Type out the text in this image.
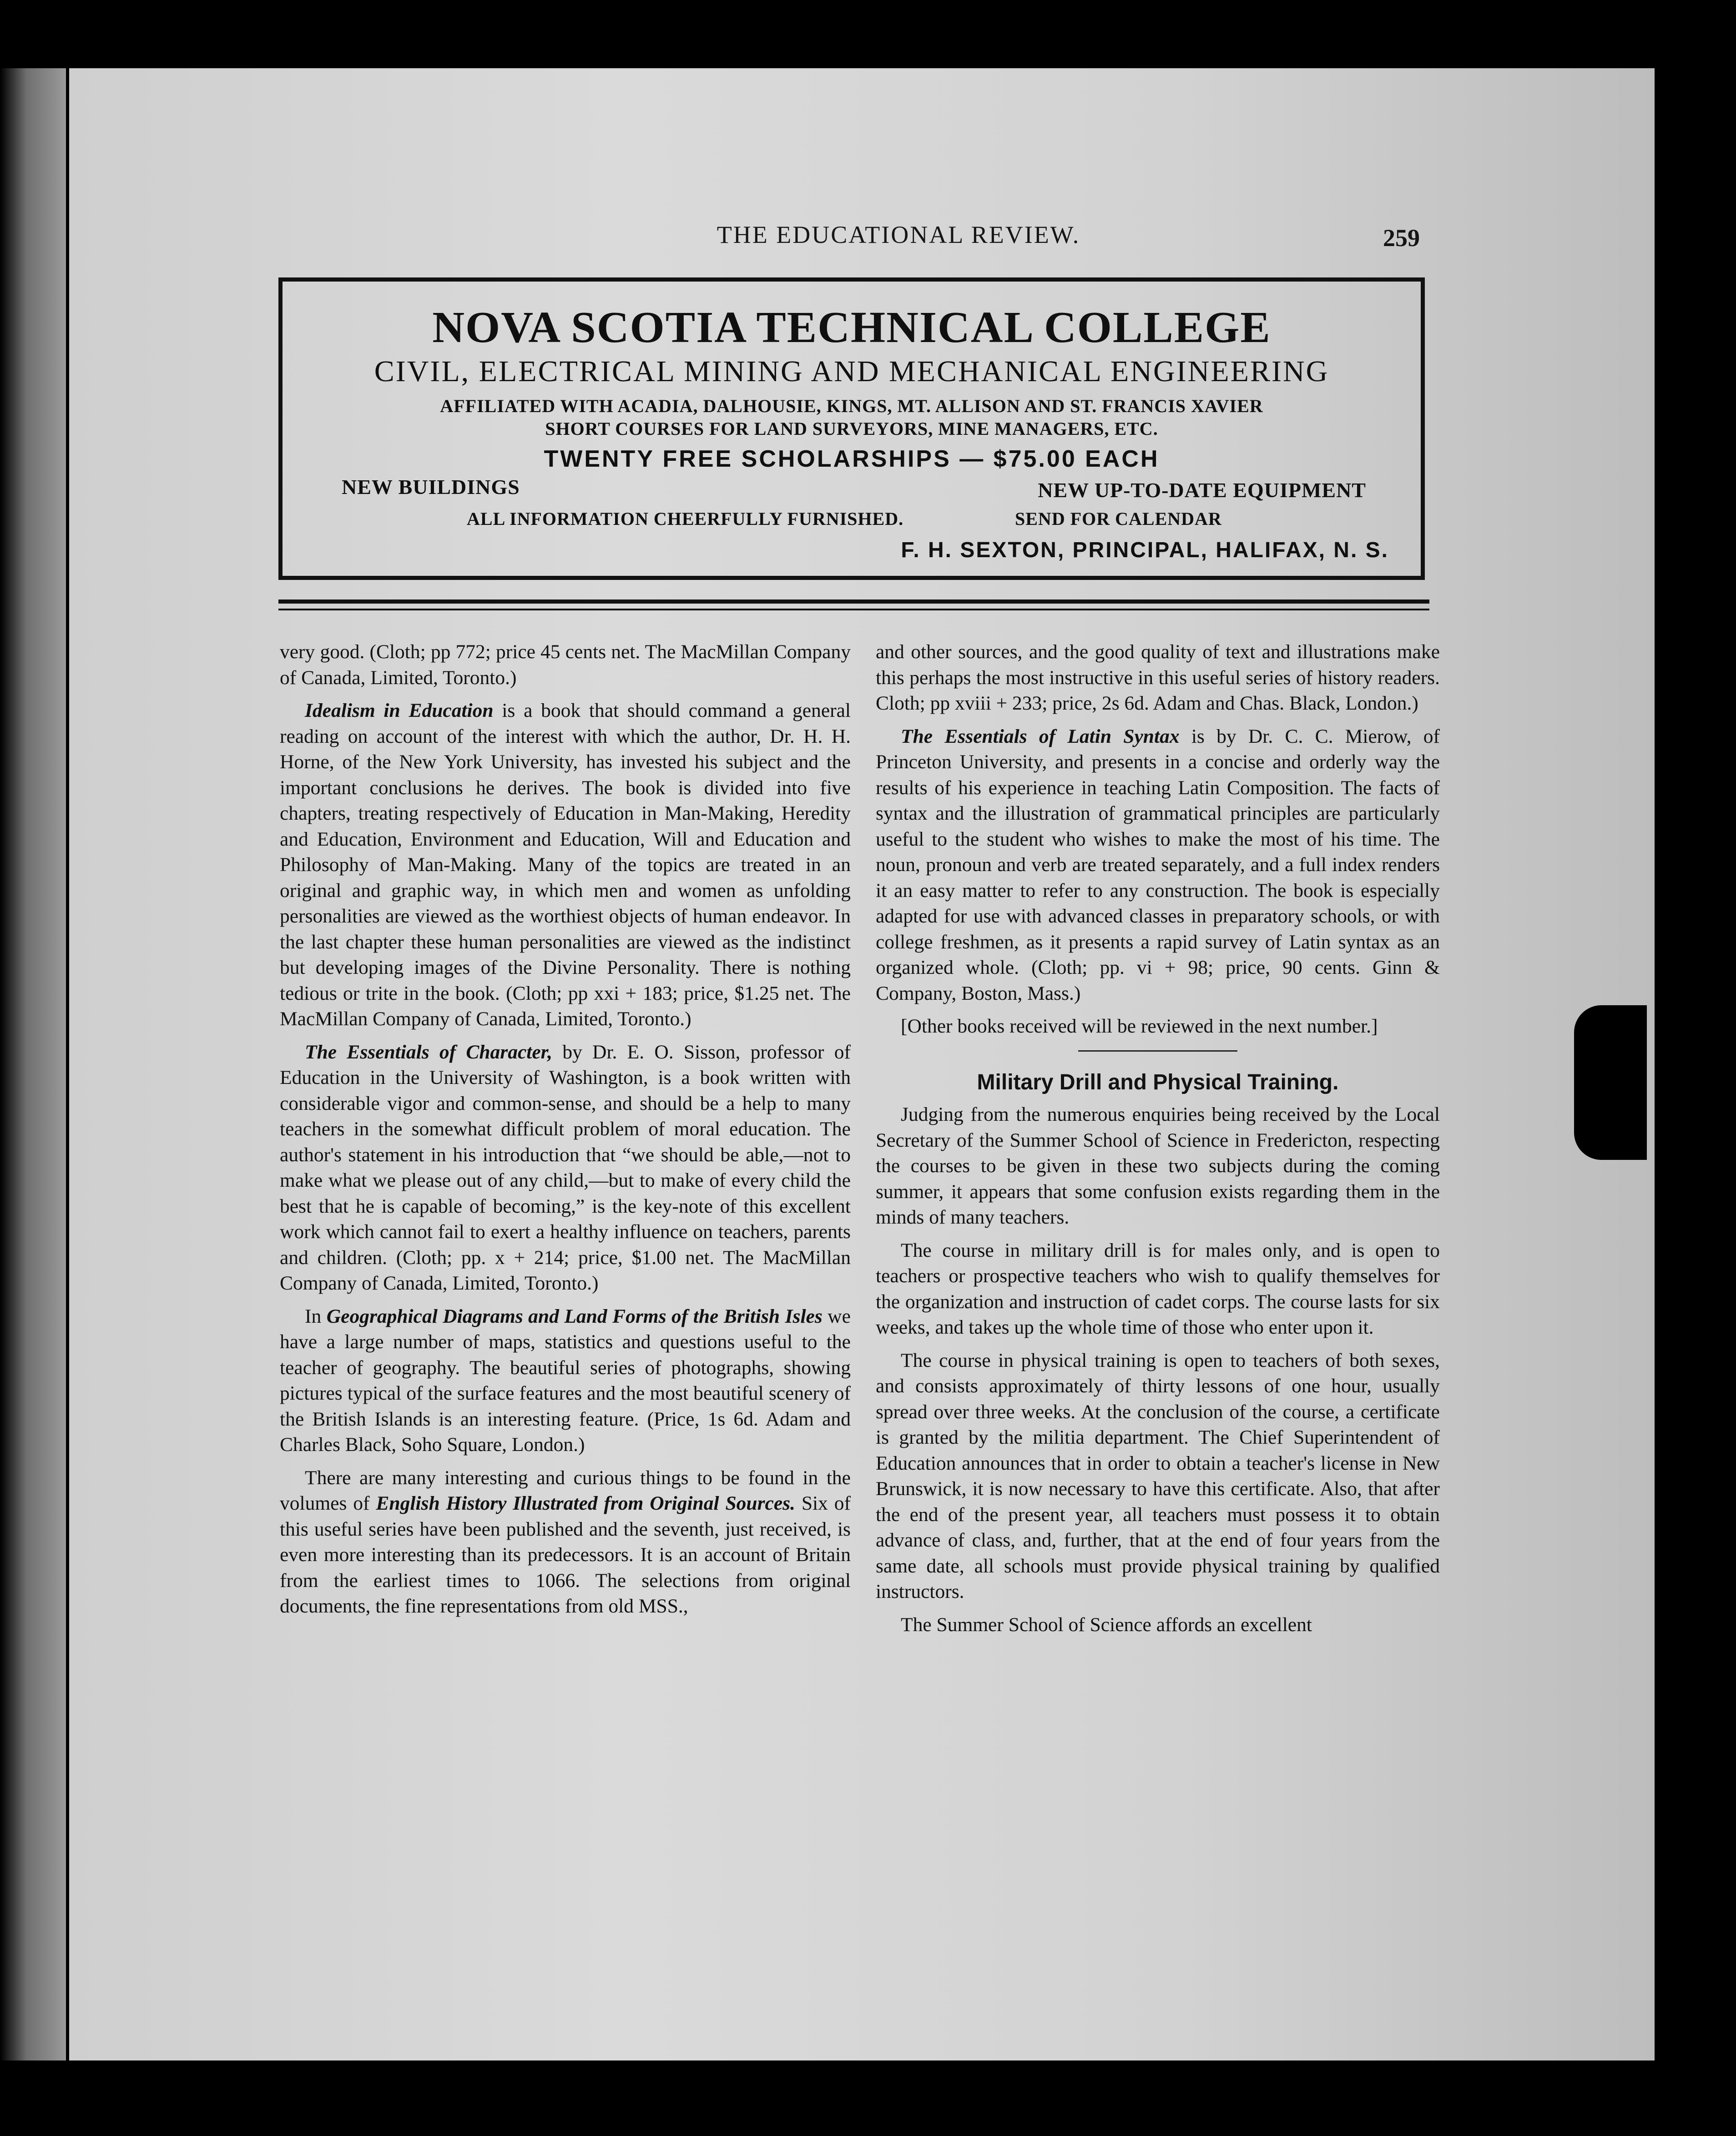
THE EDUCATIONAL REVIEW.	259
NOVA SCOTIA TECHNICAL COLLEGE
CIVIL, ELECTRICAL MINING AND MECHANICAL ENGINEERING
AFFILIATED WITH ACADIA, DALHOUSIE, KINGS, MT. ALLISON AND ST. FRANCIS XAVIER
SHORT COURSES FOR LAND SURVEYORS, MINE MANAGERS, ETC.
TWENTY FREE SCHOLARSHIPS — $75.00 EACH
NEW BUILDINGS	NEW UP-TO-DATE EQUIPMENT
ALL INFORMATION CHEERFULLY FURNISHED.	SEND FOR CALENDAR
F. H. SEXTON, PRINCIPAL, HALIFAX, N. S.

very good. (Cloth; pp 772; price 45 cents net. The MacMillan Company of Canada, Limited, Toronto.)

Idealism in Education is a book that should command a general reading on account of the interest with which the author, Dr. H. H. Horne, of the New York University, has invested his subject and the important conclusions he derives. The book is divided into five chapters, treating respectively of Education in Man-Making, Heredity and Education, Environment and Education, Will and Education and Philosophy of Man-Making. Many of the topics are treated in an original and graphic way, in which men and women as unfolding personalities are viewed as the worthiest objects of human endeavor. In the last chapter these human personalities are viewed as the indistinct but developing images of the Divine Personality. There is nothing tedious or trite in the book. (Cloth; pp xxi + 183; price, $1.25 net. The MacMillan Company of Canada, Limited, Toronto.)

The Essentials of Character, by Dr. E. O. Sisson, professor of Education in the University of Washington, is a book written with considerable vigor and common-sense, and should be a help to many teachers in the somewhat difficult problem of moral education. The author's statement in his introduction that “we should be able,—not to make what we please out of any child,—but to make of every child the best that he is capable of becoming,” is the key-note of this excellent work which cannot fail to exert a healthy influence on teachers, parents and children. (Cloth; pp. x + 214; price, $1.00 net. The MacMillan Company of Canada, Limited, Toronto.)

In Geographical Diagrams and Land Forms of the British Isles we have a large number of maps, statistics and questions useful to the teacher of geography. The beautiful series of photographs, showing pictures typical of the surface features and the most beautiful scenery of the British Islands is an interesting feature. (Price, 1s 6d. Adam and Charles Black, Soho Square, London.)

There are many interesting and curious things to be found in the volumes of English History Illustrated from Original Sources. Six of this useful series have been published and the seventh, just received, is even more interesting than its predecessors. It is an account of Britain from the earliest times to 1066. The selections from original documents, the fine representations from old MSS.,

and other sources, and the good quality of text and illustrations make this perhaps the most instructive in this useful series of history readers. Cloth; pp xviii + 233; price, 2s 6d. Adam and Chas. Black, London.)

The Essentials of Latin Syntax is by Dr. C. C. Mierow, of Princeton University, and presents in a concise and orderly way the results of his experience in teaching Latin Composition. The facts of syntax and the illustration of grammatical principles are particularly useful to the student who wishes to make the most of his time. The noun, pronoun and verb are treated separately, and a full index renders it an easy matter to refer to any construction. The book is especially adapted for use with advanced classes in preparatory schools, or with college freshmen, as it presents a rapid survey of Latin syntax as an organized whole. (Cloth; pp. vi + 98; price, 90 cents. Ginn & Company, Boston, Mass.)

[Other books received will be reviewed in the next number.]

Military Drill and Physical Training.

Judging from the numerous enquiries being received by the Local Secretary of the Summer School of Science in Fredericton, respecting the courses to be given in these two subjects during the coming summer, it appears that some confusion exists regarding them in the minds of many teachers.

The course in military drill is for males only, and is open to teachers or prospective teachers who wish to qualify themselves for the organization and instruction of cadet corps. The course lasts for six weeks, and takes up the whole time of those who enter upon it.

The course in physical training is open to teachers of both sexes, and consists approximately of thirty lessons of one hour, usually spread over three weeks. At the conclusion of the course, a certificate is granted by the militia department. The Chief Superintendent of Education announces that in order to obtain a teacher's license in New Brunswick, it is now necessary to have this certificate. Also, that after the end of the present year, all teachers must possess it to obtain advance of class, and, further, that at the end of four years from the same date, all schools must provide physical training by qualified instructors.

The Summer School of Science affords an excellent
